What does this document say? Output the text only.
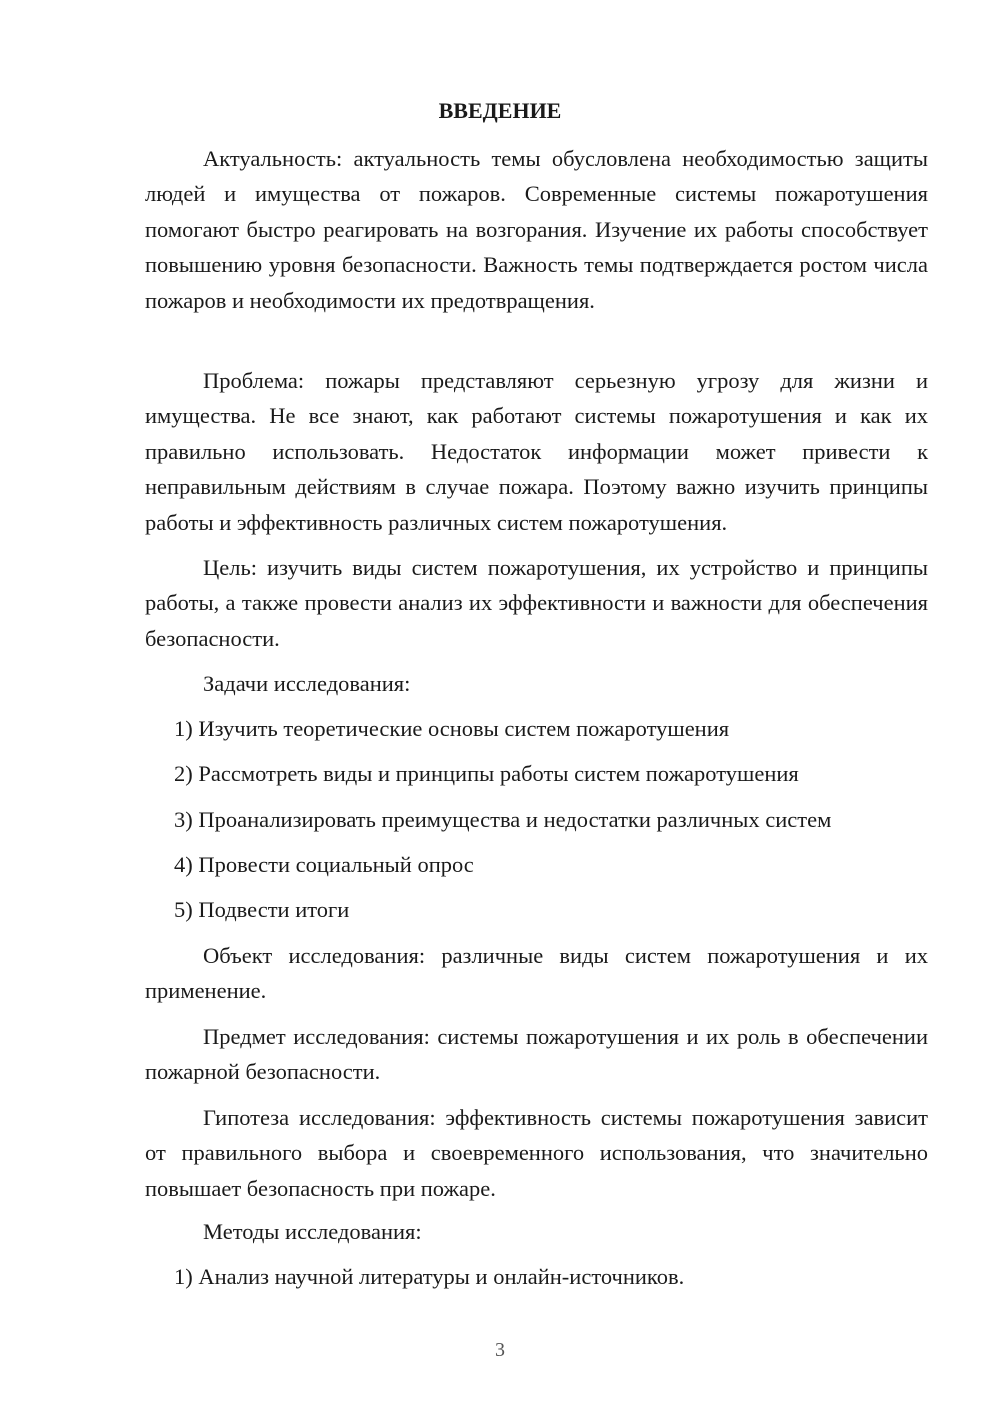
ВВЕДЕНИЕ

Актуальность: актуальность темы обусловлена необходимостью защиты людей и имущества от пожаров. Современные системы пожаротушения помогают быстро реагировать на возгорания. Изучение их работы способствует повышению уровня безопасности. Важность темы подтверждается ростом числа пожаров и необходимости их предотвращения.

Проблема: пожары представляют серьезную угрозу для жизни и имущества. Не все знают, как работают системы пожаротушения и как их правильно использовать. Недостаток информации может привести к неправильным действиям в случае пожара. Поэтому важно изучить принципы работы и эффективность различных систем пожаротушения.

Цель: изучить виды систем пожаротушения, их устройство и принципы работы, а также провести анализ их эффективности и важности для обеспечения безопасности.

Задачи исследования:
1) Изучить теоретические основы систем пожаротушения
2) Рассмотреть виды и принципы работы систем пожаротушения
3) Проанализировать преимущества и недостатки различных систем
4) Провести социальный опрос
5) Подвести итоги

Объект исследования: различные виды систем пожаротушения и их применение.

Предмет исследования: системы пожаротушения и их роль в обеспечении пожарной безопасности.

Гипотеза исследования: эффективность системы пожаротушения зависит от правильного выбора и своевременного использования, что значительно повышает безопасность при пожаре.

Методы исследования:
1) Анализ научной литературы и онлайн-источников.
3
